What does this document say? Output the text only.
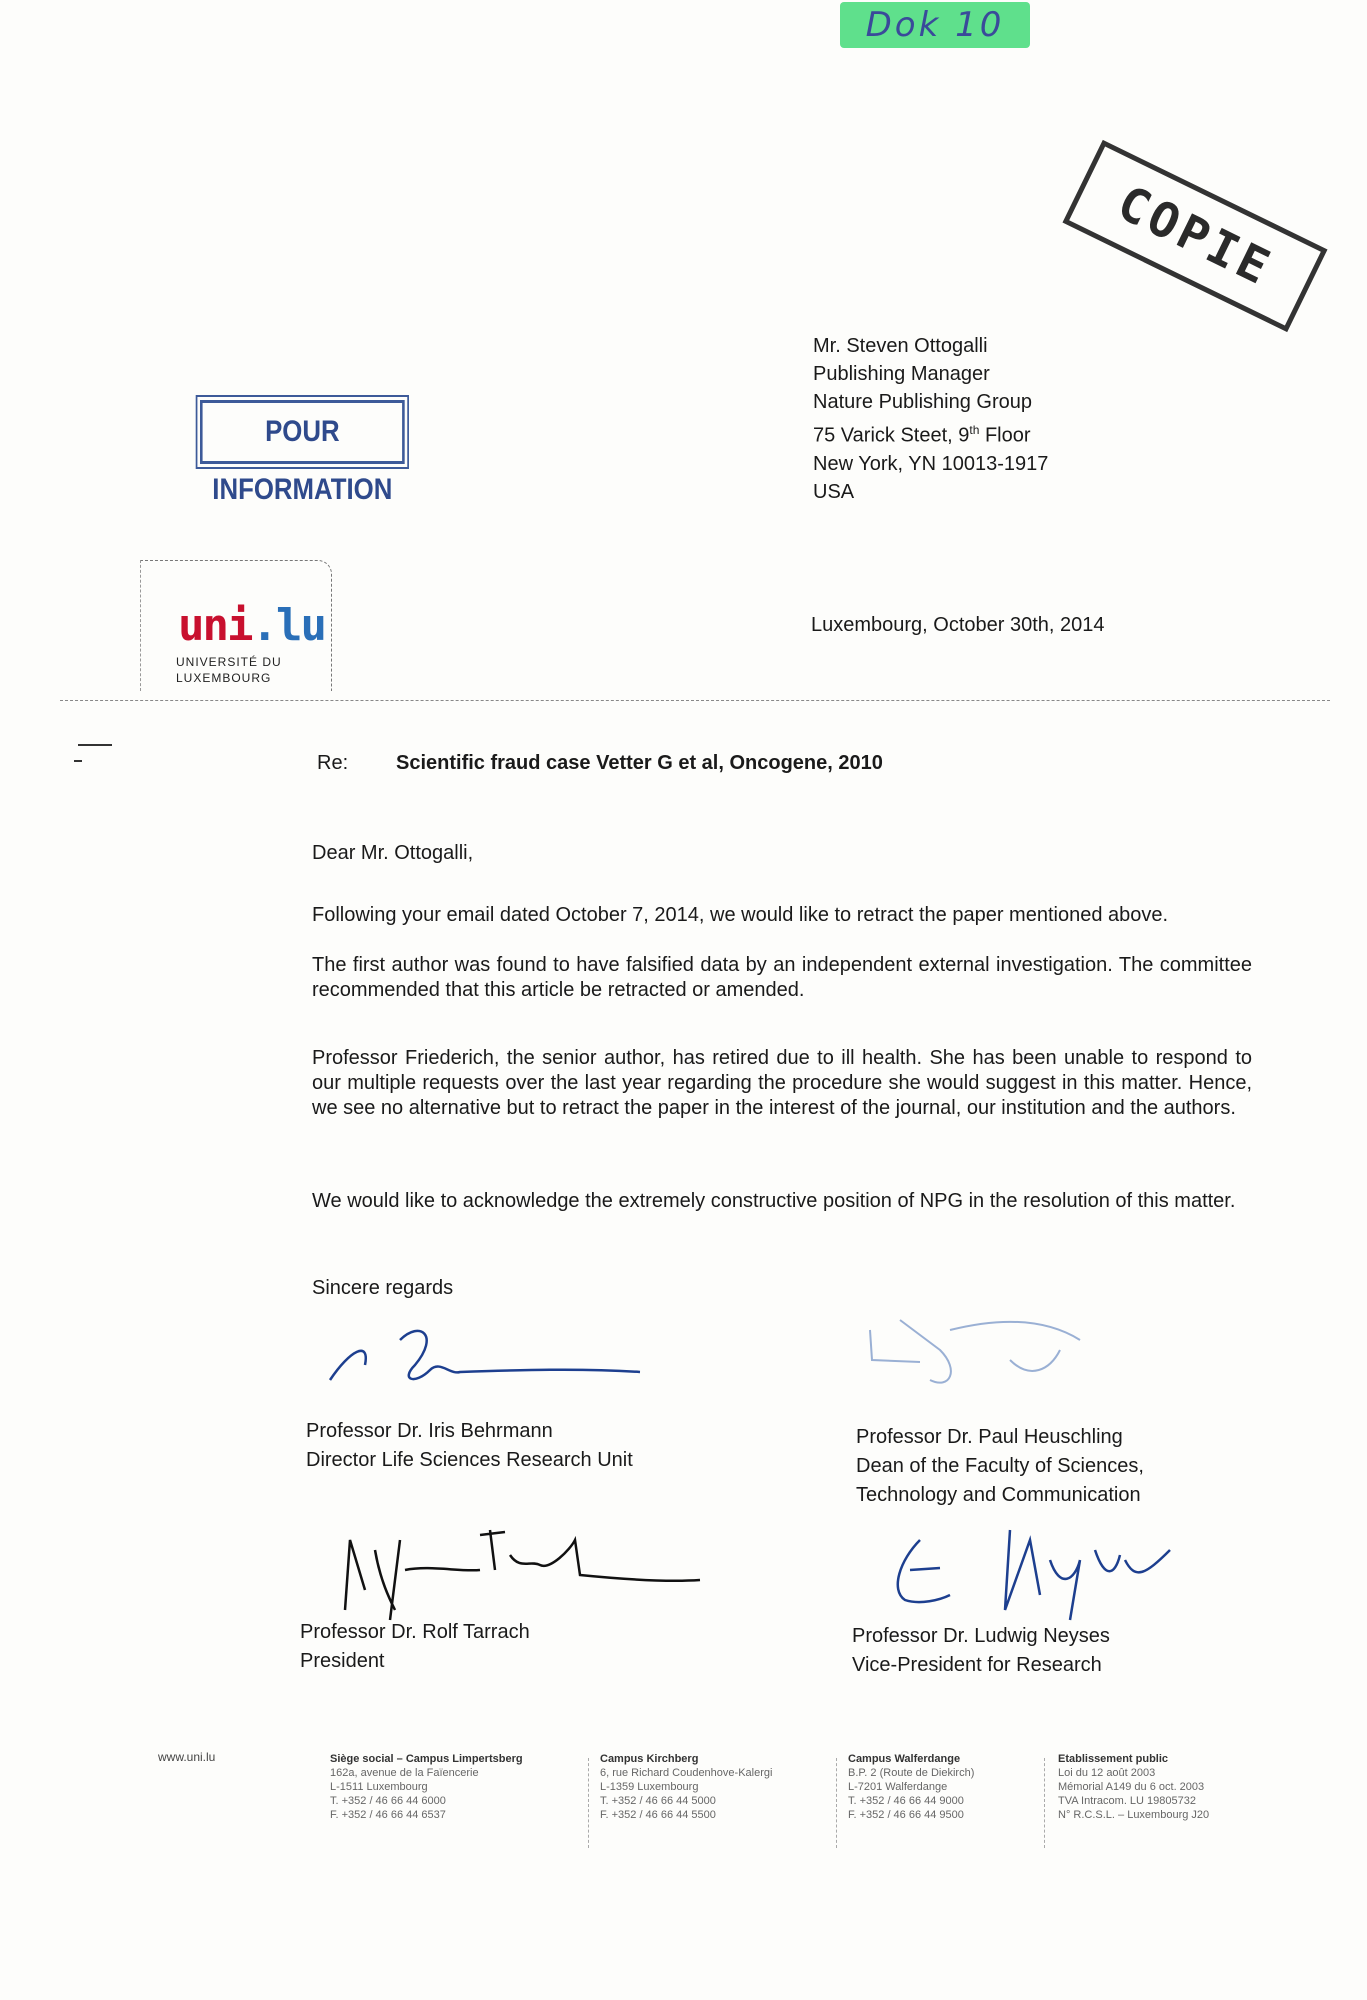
Dok 10
COPIE
POUR INFORMATION
Mr. Steven Ottogalli
Publishing Manager
Nature Publishing Group
75 Varick Steet, 9th Floor
New York, YN 10013-1917
USA
uni.lu
UNIVERSITÉ DU
LUXEMBOURG
Luxembourg, October 30th, 2014
Re: Scientific fraud case Vetter G et al, Oncogene, 2010
Dear Mr. Ottogalli,
Following your email dated October 7, 2014, we would like to retract the paper mentioned above.
The first author was found to have falsified data by an independent external investigation. The committee recommended that this article be retracted or amended.
Professor Friederich, the senior author, has retired due to ill health. She has been unable to respond to our multiple requests over the last year regarding the procedure she would suggest in this matter. Hence, we see no alternative but to retract the paper in the interest of the journal, our institution and the authors.
We would like to acknowledge the extremely constructive position of NPG in the resolution of this matter.
Sincere regards
Professor Dr. Iris Behrmann
Director Life Sciences Research Unit
Professor Dr. Paul Heuschling
Dean of the Faculty of Sciences,
Technology and Communication
Professor Dr. Rolf Tarrach
President
Professor Dr. Ludwig Neyses
Vice-President for Research
www.uni.lu	Siège social – Campus Limpertsberg
162a, avenue de la Faïencerie
L-1511 Luxembourg
T. +352 / 46 66 44 6000
F. +352 / 46 66 44 6537
Campus Kirchberg
6, rue Richard Coudenhove-Kalergi
L-1359 Luxembourg
T. +352 / 46 66 44 5000
F. +352 / 46 66 44 5500
Campus Walferdange
B.P. 2 (Route de Diekirch)
L-7201 Walferdange
T. +352 / 46 66 44 9000
F. +352 / 46 66 44 9500
Etablissement public
Loi du 12 août 2003
Mémorial A149 du 6 oct. 2003
TVA Intracom. LU 19805732
N° R.C.S.L. – Luxembourg J20
